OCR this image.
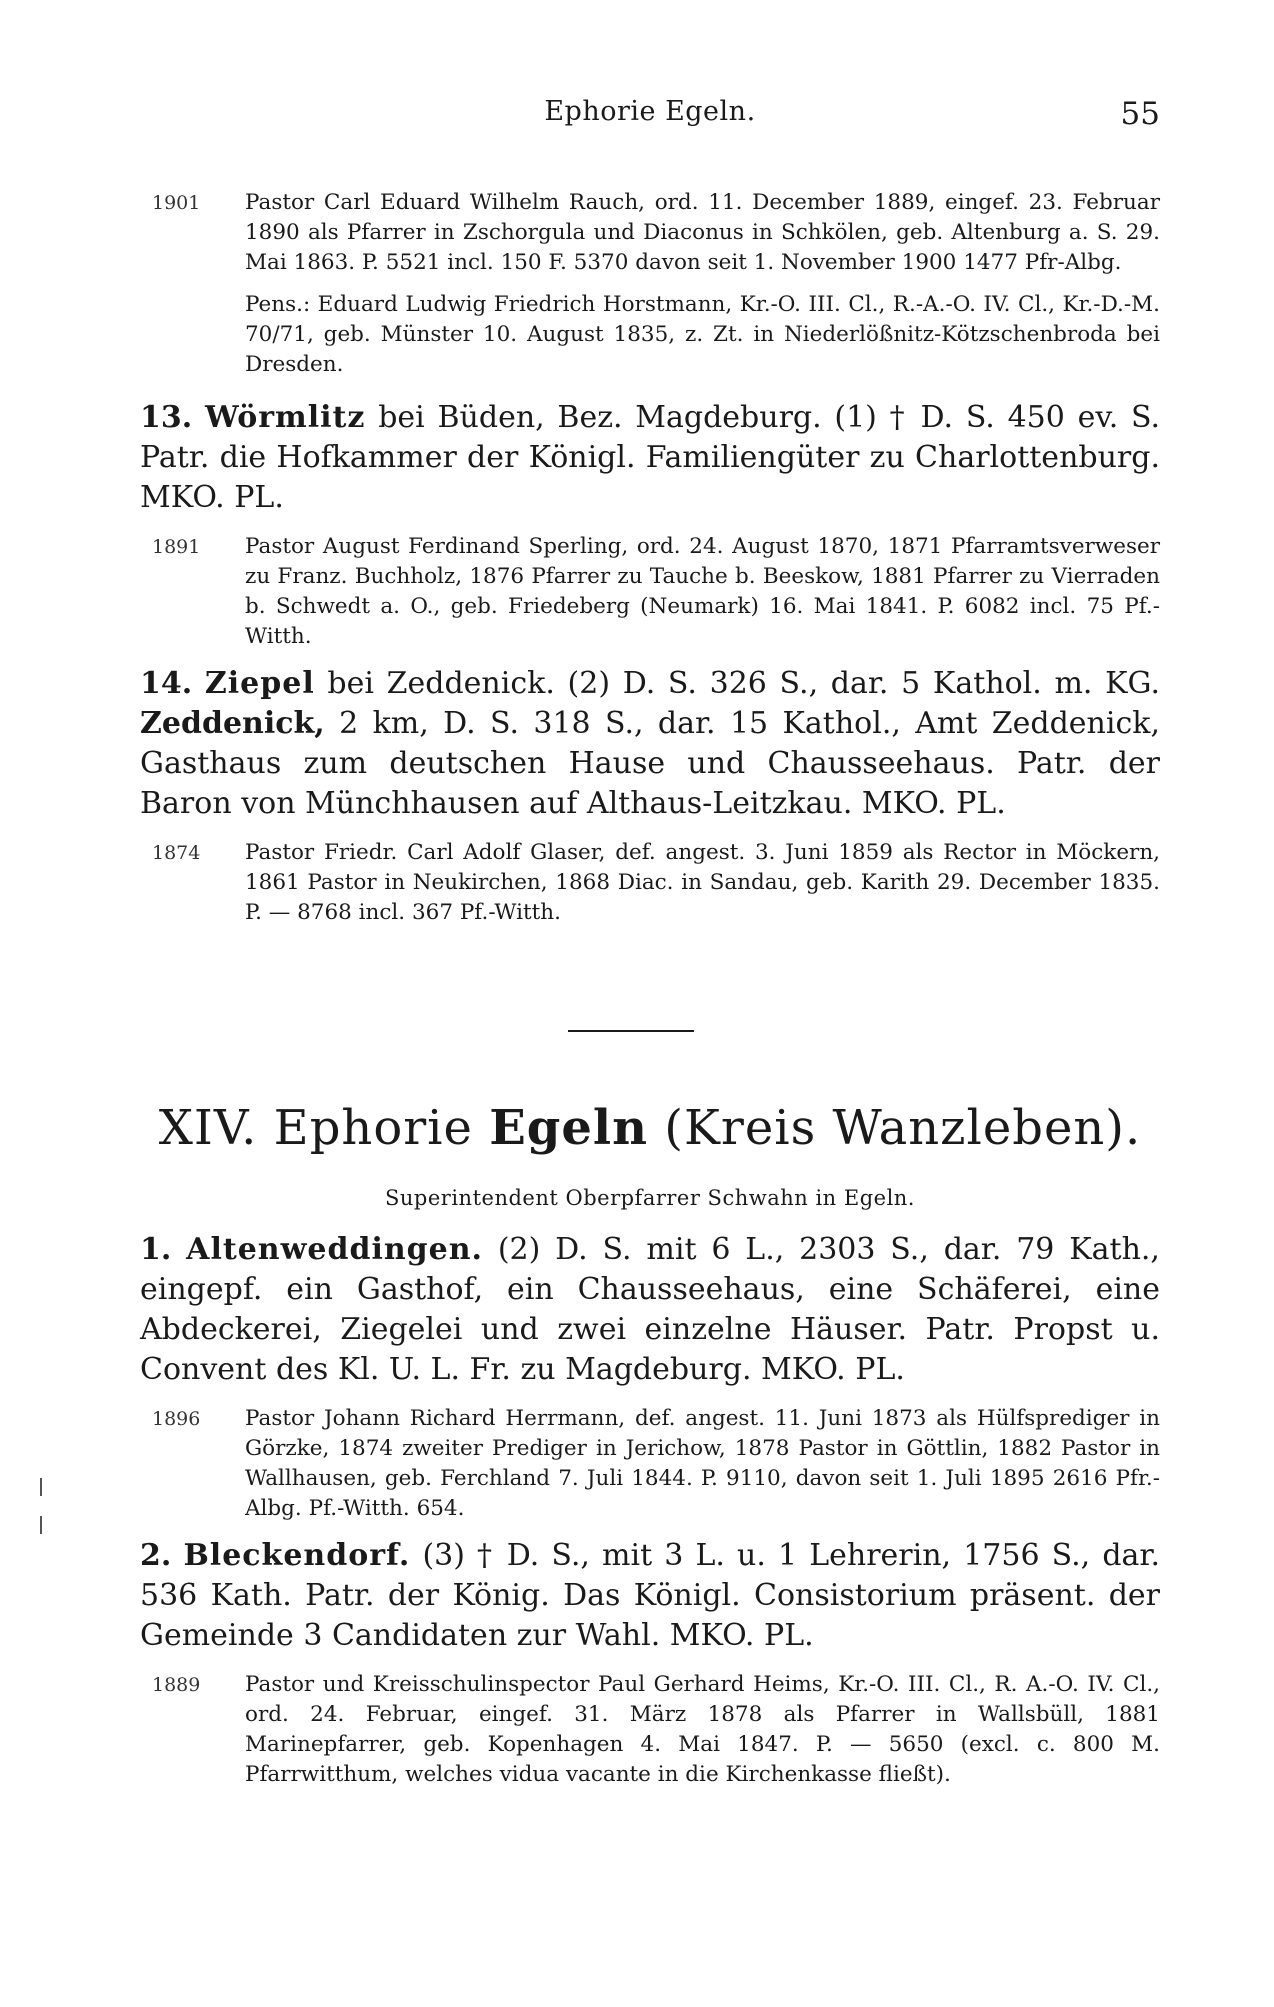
Ephorie Egeln.	55
1901 Pastor Carl Eduard Wilhelm Rauch, ord. 11. December 1889, eingef. 23. Februar 1890 als Pfarrer in Zschorgula und Diaconus in Schkölen, geb. Altenburg a. S. 29. Mai 1863. P. 5521 incl. 150 F. 5370 davon seit 1. November 1900 1477 Pfr-Albg.
Pens.: Eduard Ludwig Friedrich Horstmann, Kr.-O. III. Cl., R.-A.-O. IV. Cl., Kr.-D.-M. 70/71, geb. Münster 10. August 1835, z. Zt. in Niederlößnitz-Kötzschenbroda bei Dresden.
13. Wörmlitz bei Büden, Bez. Magdeburg. (1) † D. S. 450 ev. S. Patr. die Hofkammer der Königl. Familiengüter zu Charlottenburg. MKO. PL.
1891 Pastor August Ferdinand Sperling, ord. 24. August 1870, 1871 Pfarramtsverweser zu Franz. Buchholz, 1876 Pfarrer zu Tauche b. Beeskow, 1881 Pfarrer zu Vierraden b. Schwedt a. O., geb. Friedeberg (Neumark) 16. Mai 1841. P. 6082 incl. 75 Pf.-Witth.
14. Ziepel bei Zeddenick. (2) D. S. 326 S., dar. 5 Kathol. m. KG. Zeddenick, 2 km, D. S. 318 S., dar. 15 Kathol., Amt Zeddenick, Gasthaus zum deutschen Hause und Chausseehaus. Patr. der Baron von Münchhausen auf Althaus-Leitzkau. MKO. PL.
1874 Pastor Friedr. Carl Adolf Glaser, def. angest. 3. Juni 1859 als Rector in Möckern, 1861 Pastor in Neukirchen, 1868 Diac. in Sandau, geb. Karith 29. December 1835. P. — 8768 incl. 367 Pf.-Witth.
XIV. Ephorie Egeln (Kreis Wanzleben).
Superintendent Oberpfarrer Schwahn in Egeln.
1. Altenweddingen. (2) D. S. mit 6 L., 2303 S., dar. 79 Kath., eingepf. ein Gasthof, ein Chausseehaus, eine Schäferei, eine Abdeckerei, Ziegelei und zwei einzelne Häuser. Patr. Propst u. Convent des Kl. U. L. Fr. zu Magdeburg. MKO. PL.
1896 Pastor Johann Richard Herrmann, def. angest. 11. Juni 1873 als Hülfsprediger in Görzke, 1874 zweiter Prediger in Jerichow, 1878 Pastor in Göttlin, 1882 Pastor in Wallhausen, geb. Ferchland 7. Juli 1844. P. 9110, davon seit 1. Juli 1895 2616 Pfr.-Albg. Pf.-Witth. 654.
2. Bleckendorf. (3) † D. S., mit 3 L. u. 1 Lehrerin, 1756 S., dar. 536 Kath. Patr. der König. Das Königl. Consistorium präsent. der Gemeinde 3 Candidaten zur Wahl. MKO. PL.
1889 Pastor und Kreisschulinspector Paul Gerhard Heims, Kr.-O. III. Cl., R. A.-O. IV. Cl., ord. 24. Februar, eingef. 31. März 1878 als Pfarrer in Wallsbüll, 1881 Marinepfarrer, geb. Kopenhagen 4. Mai 1847. P. — 5650 (excl. c. 800 M. Pfarrwitthum, welches vidua vacante in die Kirchenkasse fließt).
